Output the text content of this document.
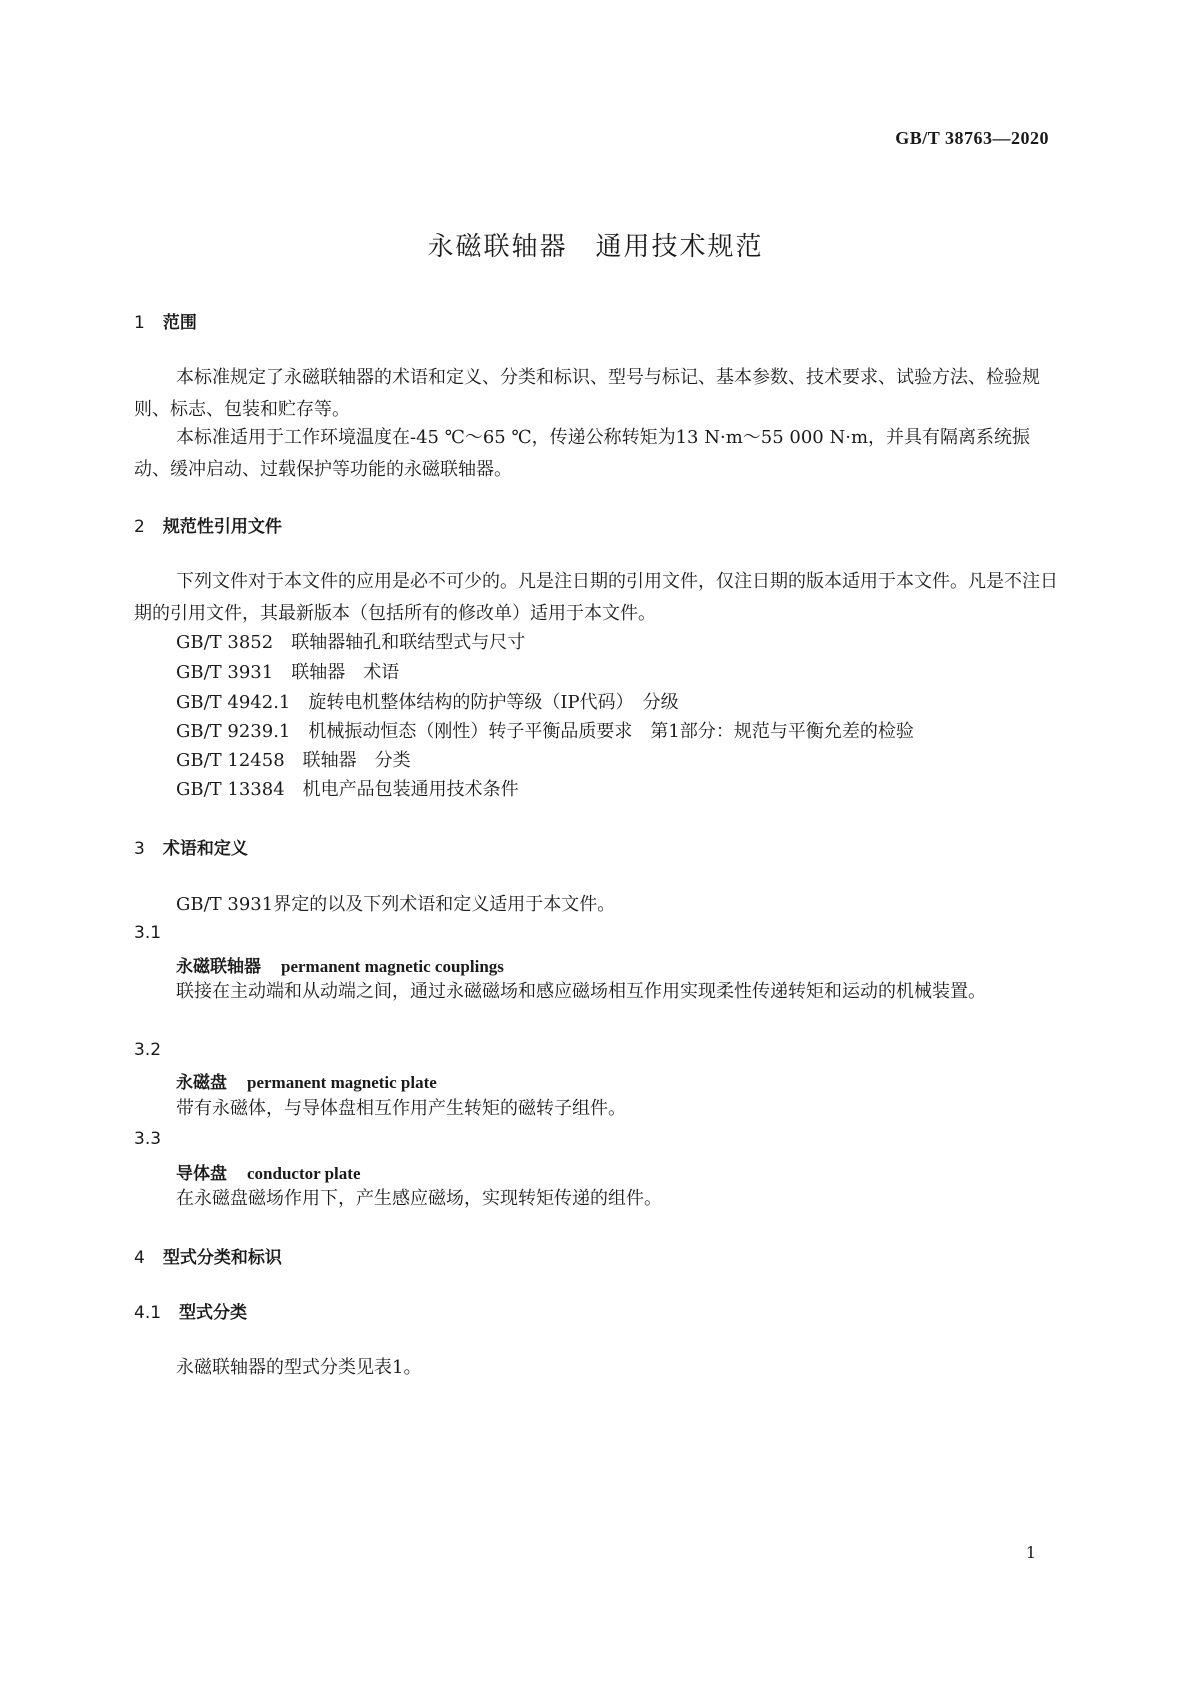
GB/T 38763—2020
永磁联轴器　通用技术规范
1 范围
本标准规定了永磁联轴器的术语和定义、分类和标识、型号与标记、基本参数、技术要求、试验方法、检验规则、标志、包装和贮存等。
本标准适用于工作环境温度在-45 ℃～65 ℃，传递公称转矩为13 N·m～55 000 N·m，并具有隔离系统振动、缓冲启动、过载保护等功能的永磁联轴器。
2 规范性引用文件
下列文件对于本文件的应用是必不可少的。凡是注日期的引用文件，仅注日期的版本适用于本文件。凡是不注日期的引用文件，其最新版本（包括所有的修改单）适用于本文件。
GB/T 3852　联轴器轴孔和联结型式与尺寸
GB/T 3931　联轴器　术语
GB/T 4942.1　旋转电机整体结构的防护等级（IP代码）　分级
GB/T 9239.1　机械振动恒态（刚性）转子平衡品质要求　第1部分：规范与平衡允差的检验
GB/T 12458　联轴器　分类
GB/T 13384　机电产品包装通用技术条件
3 术语和定义
GB/T 3931界定的以及下列术语和定义适用于本文件。
3.1
永磁联轴器 permanent magnetic couplings
联接在主动端和从动端之间，通过永磁磁场和感应磁场相互作用实现柔性传递转矩和运动的机械装置。
3.2
永磁盘 permanent magnetic plate
带有永磁体，与导体盘相互作用产生转矩的磁转子组件。
3.3
导体盘 conductor plate
在永磁盘磁场作用下，产生感应磁场，实现转矩传递的组件。
4 型式分类和标识
4.1 型式分类
永磁联轴器的型式分类见表1。
1
